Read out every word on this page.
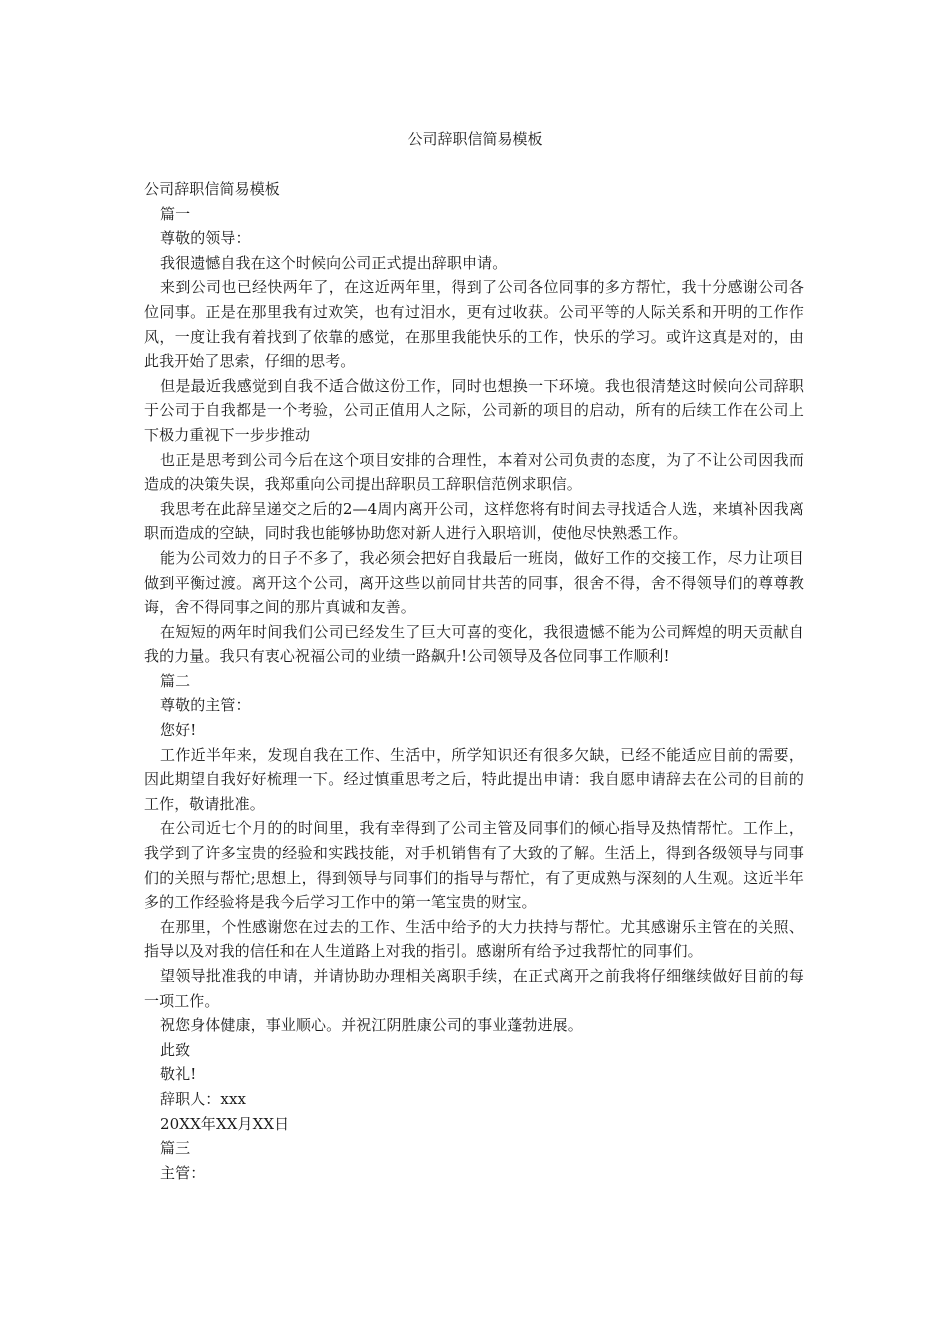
公司辞职信简易模板

公司辞职信简易模板

篇一

尊敬的领导：

我很遗憾自我在这个时候向公司正式提出辞职申请。

来到公司也已经快两年了，在这近两年里，得到了公司各位同事的多方帮忙，我十分感谢公司各位同事。正是在那里我有过欢笑，也有过泪水，更有过收获。公司平等的人际关系和开明的工作作风，一度让我有着找到了依靠的感觉，在那里我能快乐的工作，快乐的学习。或许这真是对的，由此我开始了思索，仔细的思考。

但是最近我感觉到自我不适合做这份工作，同时也想换一下环境。我也很清楚这时候向公司辞职于公司于自我都是一个考验，公司正值用人之际，公司新的项目的启动，所有的后续工作在公司上下极力重视下一步步推动

也正是思考到公司今后在这个项目安排的合理性，本着对公司负责的态度，为了不让公司因我而造成的决策失误，我郑重向公司提出辞职员工辞职信范例求职信。

我思考在此辞呈递交之后的2—4周内离开公司，这样您将有时间去寻找适合人选，来填补因我离职而造成的空缺，同时我也能够协助您对新人进行入职培训，使他尽快熟悉工作。

能为公司效力的日子不多了，我必须会把好自我最后一班岗，做好工作的交接工作，尽力让项目做到平衡过渡。离开这个公司，离开这些以前同甘共苦的同事，很舍不得，舍不得领导们的尊尊教诲，舍不得同事之间的那片真诚和友善。

在短短的两年时间我们公司已经发生了巨大可喜的变化，我很遗憾不能为公司辉煌的明天贡献自我的力量。我只有衷心祝福公司的业绩一路飙升!公司领导及各位同事工作顺利!

篇二

尊敬的主管：

您好!

工作近半年来，发现自我在工作、生活中，所学知识还有很多欠缺，已经不能适应目前的需要，因此期望自我好好梳理一下。经过慎重思考之后，特此提出申请：我自愿申请辞去在公司的目前的工作，敬请批准。

在公司近七个月的的时间里，我有幸得到了公司主管及同事们的倾心指导及热情帮忙。工作上，我学到了许多宝贵的经验和实践技能，对手机销售有了大致的了解。生活上，得到各级领导与同事们的关照与帮忙;思想上，得到领导与同事们的指导与帮忙，有了更成熟与深刻的人生观。这近半年多的工作经验将是我今后学习工作中的第一笔宝贵的财宝。

在那里，个性感谢您在过去的工作、生活中给予的大力扶持与帮忙。尤其感谢乐主管在的关照、指导以及对我的信任和在人生道路上对我的指引。感谢所有给予过我帮忙的同事们。

望领导批准我的申请，并请协助办理相关离职手续，在正式离开之前我将仔细继续做好目前的每一项工作。

祝您身体健康，事业顺心。并祝江阴胜康公司的事业蓬勃进展。

此致

敬礼!

辞职人：xxx

20XX年XX月XX日

篇三

主管：
